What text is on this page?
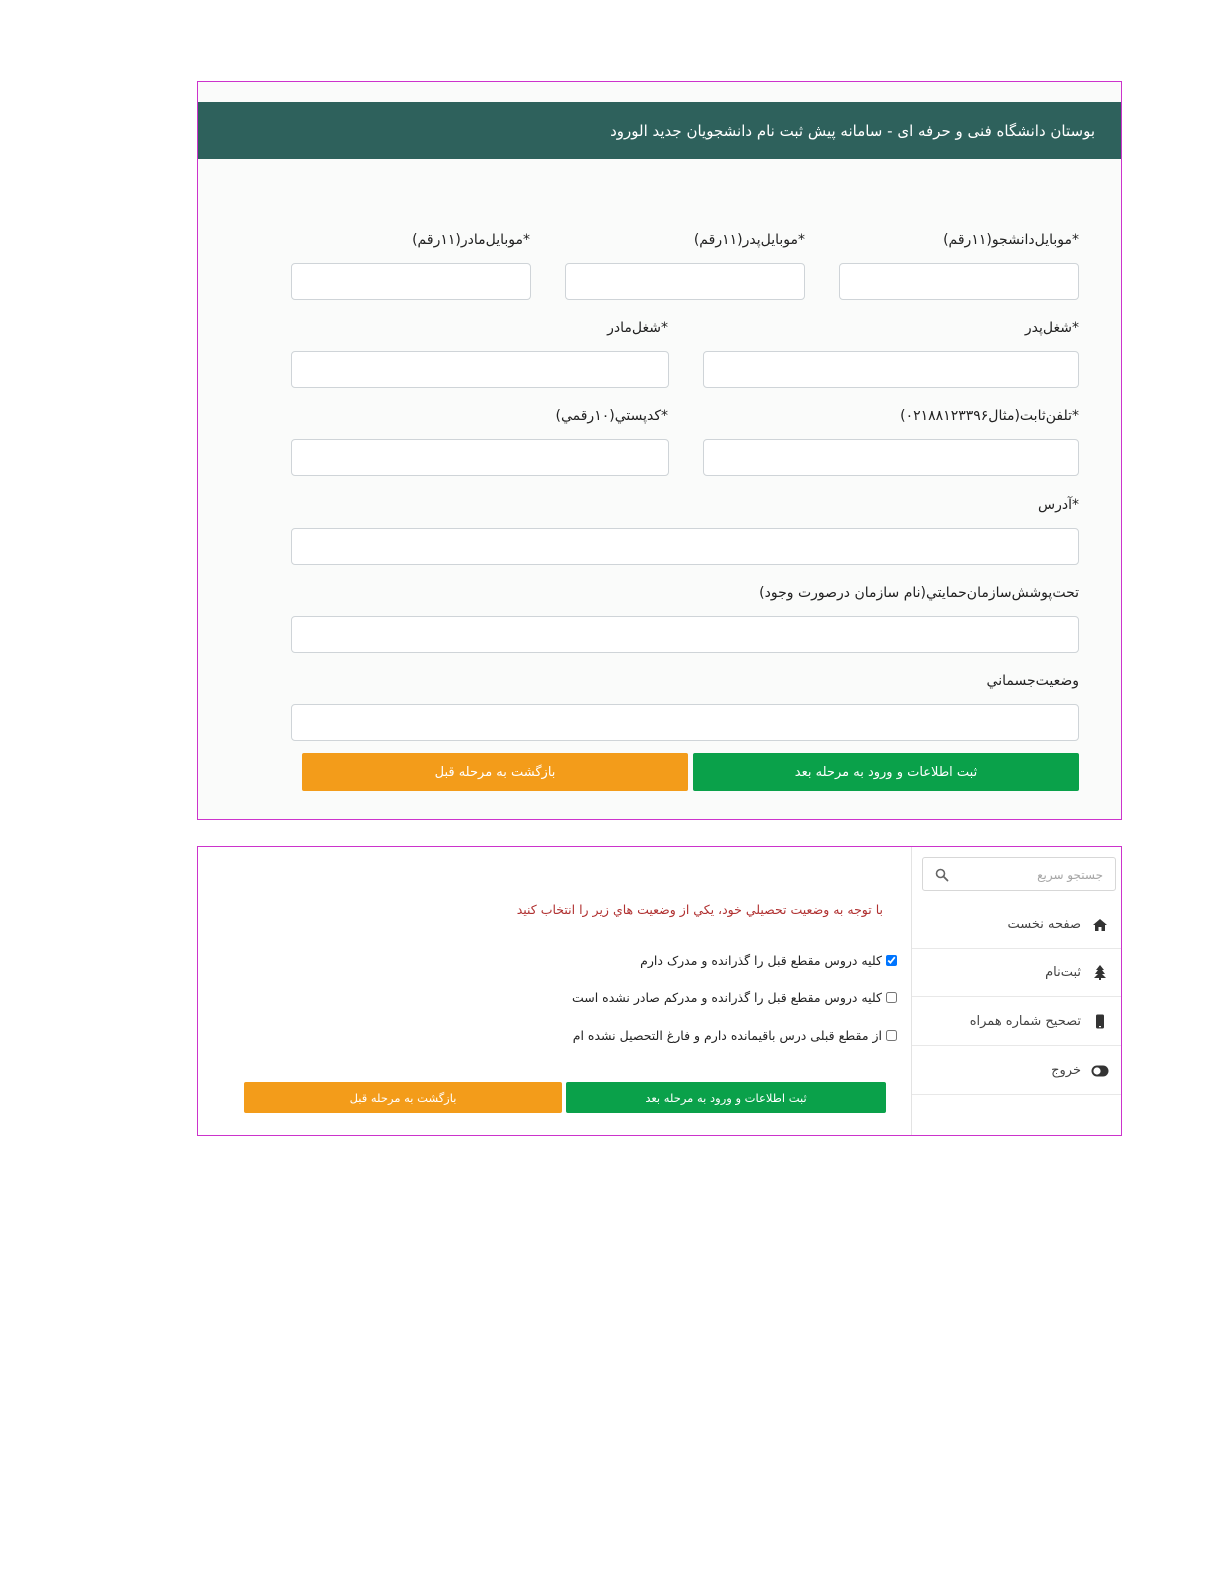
بوستان دانشگاه فنی و حرفه ای - سامانه پیش ثبت نام دانشجویان جدید الورود
*موبايل‌دانشجو(۱۱رقم)
*موبايل‌پدر(۱۱رقم)
*موبايل‌مادر(۱۱رقم)
*شغل‌پدر
*شغل‌مادر
*تلفن‌ثابت(مثال۰۲۱۸۸۱۲۳۳۹۶)
*کدپستي(۱۰رقمي)
*آدرس
تحت‌پوشش‌سازمان‌حمايتي(نام سازمان درصورت وجود)
وضعيت‌جسماني
ثبت اطلاعات و ورود به مرحله بعد
بازگشت به مرحله قبل
جستجو سریع
صفحه نخست
ثبت‌نام
تصحیح شماره همراه
خروج
با توجه به وضعيت تحصيلي خود، يکي از وضعيت هاي زير را انتخاب کنيد
کليه دروس مقطع قبل را گذرانده و مدرک دارم
کليه دروس مقطع قبل را گذرانده و مدرکم صادر نشده است
از مقطع قبلی درس باقیمانده دارم و فارغ التحصیل نشده ام
ثبت اطلاعات و ورود به مرحله بعد
بازگشت به مرحله قبل
